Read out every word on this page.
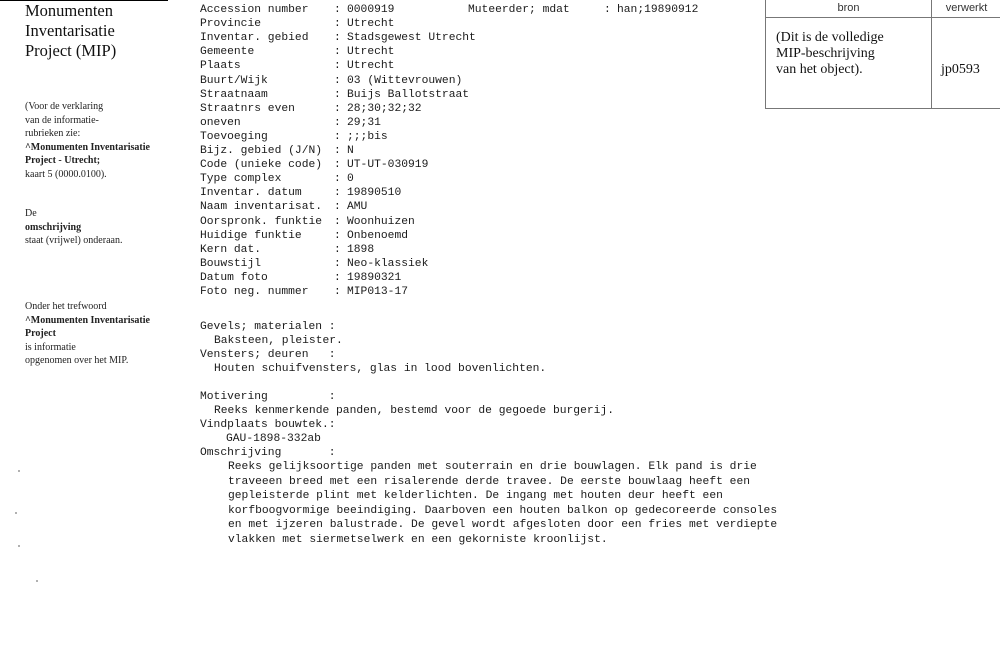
Monumenten
Inventarisatie
Project (MIP)
(Voor de verklaring
van de informatie-
rubrieken zie:
^Monumenten Inventarisatie
Project - Utrecht;
kaart 5 (0000.0100).
De
omschrijving
staat (vrijwel) onderaan.
Onder het trefwoord
^Monumenten Inventarisatie
Project
is informatie
opgenomen over het MIP.
Muteerder; mdat	: han;19890912
Accession number	: 0000919
Provincie	: Utrecht
Inventar. gebied	: Stadsgewest Utrecht
Gemeente	: Utrecht
Plaats	: Utrecht
Buurt/Wijk	: 03 (Wittevrouwen)
Straatnaam	: Buijs Ballotstraat
Straatnrs even	: 28;30;32;32
oneven	: 29;31
Toevoeging	: ;;;bis
Bijz. gebied (J/N)	: N
Code (unieke code)	: UT-UT-030919
Type complex	: 0
Inventar. datum	: 19890510
Naam inventarisat.	: AMU
Oorspronk. funktie	: Woonhuizen
Huidige funktie	: Onbenoemd
Kern dat.	: 1898
Bouwstijl	: Neo-klassiek
Datum foto	: 19890321
Foto neg. nummer	: MIP013-17
Gevels; materialen :
Baksteen, pleister.
Vensters; deuren   :
Houten schuifvensters, glas in lood bovenlichten.
Motivering         :
Reeks kenmerkende panden, bestemd voor de gegoede burgerij.
Vindplaats bouwtek.:
GAU-1898-332ab
Omschrijving       :
Reeks gelijksoortige panden met souterrain en drie bouwlagen. Elk pand is drie traveeen breed met een risalerende derde travee. De eerste bouwlaag heeft een gepleisterde plint met kelderlichten. De ingang met houten deur heeft een korfboogvormige beeindiging. Daarboven een houten balkon op gedecoreerde consoles en met ijzeren balustrade. De gevel wordt afgesloten door een fries met verdiepte vlakken met siermetselwerk en een gekorniste kroonlijst.
bron	verwerkt
(Dit is de volledige
MIP-beschrijving
van het object).	jp0593
